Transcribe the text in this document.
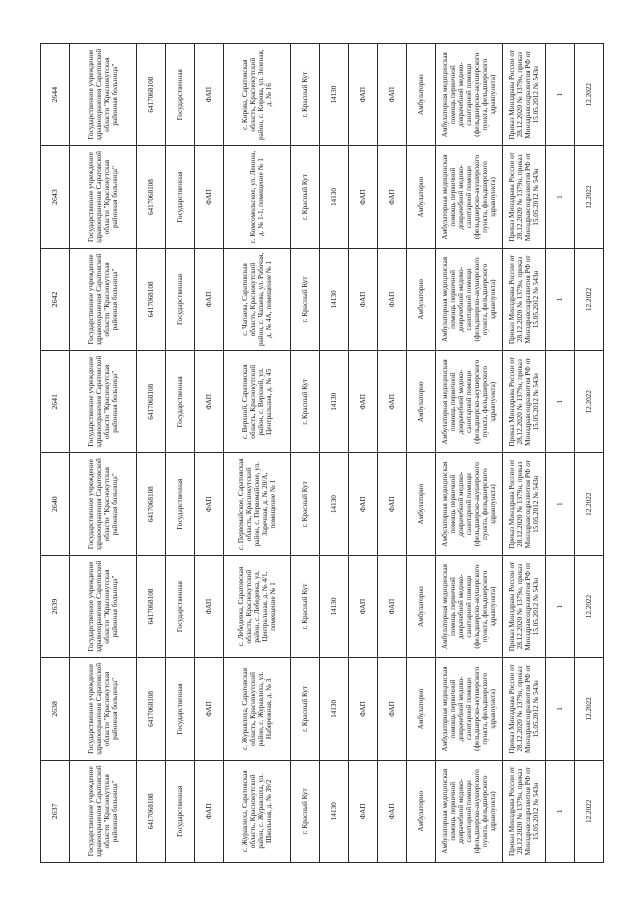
2637	2638	2639	2640	2641	2642	2643	2644
Государственное учреждение здравоохранения Саратовской области "Краснокутская районная больница"	Государственное учреждение здравоохранения Саратовской области "Краснокутская районная больница"	Государственное учреждение здравоохранения Саратовской области "Краснокутская районная больница"	Государственное учреждение здравоохранения Саратовской области "Краснокутская районная больница"	Государственное учреждение здравоохранения Саратовской области "Краснокутская районная больница"	Государственное учреждение здравоохранения Саратовской области "Краснокутская районная больница"	Государственное учреждение здравоохранения Саратовской области "Краснокутская районная больница"	Государственное учреждение здравоохранения Саратовской области "Краснокутская районная больница"
6417068108	6417068108	6417068108	6417068108	6417068108	6417068108	6417068108	6417068108
Государственная	Государственная	Государственная	Государственная	Государственная	Государственная	Государственная	Государственная
ФАП	ФАП	ФАП	ФАП	ФАП	ФАП	ФАП	ФАП
с. Журавлиха, Саратовская область, Краснокутский район, с. Журавлиха, ул. Школьная, д. № 39/2	с. Журавлиха, Саратовская область, Краснокутский район, с. Журавлиха, ул. Набережная, д. № 3	с. Лебедевка, Саратовская область, Краснокутский район, с. Лебедевка, ул. Центральная, д. № 4/1, помещение № 1	с. Первомайское, Саратовская область, Краснокутский район, с. Первомайское, ул. Заречная, д. № 20/А, помещение № 1	с. Верхний, Саратовская область, Краснокутский район, с. Верхний, ул. Центральная, д. № 45	с. Чапаева, Саратовская область, Краснокутский район, с. Чапаева, ул. Рабочая, д. № 4А, помещение № 1	с. Комсомольское, ул. Ленина, д. № 1-1, помещение № 1	с. Кирова, Саратовская область, Краснокутский район, с. Кирова, ул. Зеленая, д. № 16
г. Красный Кут	г. Красный Кут	г. Красный Кут	г. Красный Кут	г. Красный Кут	г. Красный Кут	г. Красный Кут	г. Красный Кут
14130	14130	14130	14130	14130	14130	14130	14130
ФАП	ФАП	ФАП	ФАП	ФАП	ФАП	ФАП	ФАП
ФАП	ФАП	ФАП	ФАП	ФАП	ФАП	ФАП	ФАП
Амбулаторно	Амбулаторно	Амбулаторно	Амбулаторно	Амбулаторно	Амбулаторно	Амбулаторно	Амбулаторно
Амбулаторная медицинская помощь первичной доврачебной медико-санитарной помощи (фельдшерско-акушерского пункта, фельдшерского здравпункта)	Амбулаторная медицинская помощь первичной доврачебной медико-санитарной помощи (фельдшерско-акушерского пункта, фельдшерского здравпункта)	Амбулаторная медицинская помощь первичной доврачебной медико-санитарной помощи (фельдшерско-акушерского пункта, фельдшерского здравпункта)	Амбулаторная медицинская помощь первичной доврачебной медико-санитарной помощи (фельдшерско-акушерского пункта, фельдшерского здравпункта)	Амбулаторная медицинская помощь первичной доврачебной медико-санитарной помощи (фельдшерско-акушерского пункта, фельдшерского здравпункта)	Амбулаторная медицинская помощь первичной доврачебной медико-санитарной помощи (фельдшерско-акушерского пункта, фельдшерского здравпункта)	Амбулаторная медицинская помощь первичной доврачебной медико-санитарной помощи (фельдшерско-акушерского пункта, фельдшерского здравпункта)	Амбулаторная медицинская помощь первичной доврачебной медико-санитарной помощи (фельдшерско-акушерского пункта, фельдшерского здравпункта)
Приказ Минздрава России от 28.12.2020 № 1379н, приказ Минздравсоцразвития РФ от 15.05.2012 № 543н	Приказ Минздрава России от 28.12.2020 № 1379н, приказ Минздравсоцразвития РФ от 15.05.2012 № 543н	Приказ Минздрава России от 28.12.2020 № 1379н, приказ Минздравсоцразвития РФ от 15.05.2012 № 543н	Приказ Минздрава России от 28.12.2020 № 1379н, приказ Минздравсоцразвития РФ от 15.05.2012 № 543н	Приказ Минздрава России от 28.12.2020 № 1379н, приказ Минздравсоцразвития РФ от 15.05.2012 № 543н	Приказ Минздрава России от 28.12.2020 № 1379н, приказ Минздравсоцразвития РФ от 15.05.2012 № 543н	Приказ Минздрава России от 28.12.2020 № 1379н, приказ Минздравсоцразвития РФ от 15.05.2012 № 543н	Приказ Минздрава России от 28.12.2020 № 1379н, приказ Минздравсоцразвития РФ от 15.05.2012 № 543н
1	1	1	1	1	1	1	1
12.2022	12.2022	12.2022	12.2022	12.2022	12.2022	12.2022	12.2022
